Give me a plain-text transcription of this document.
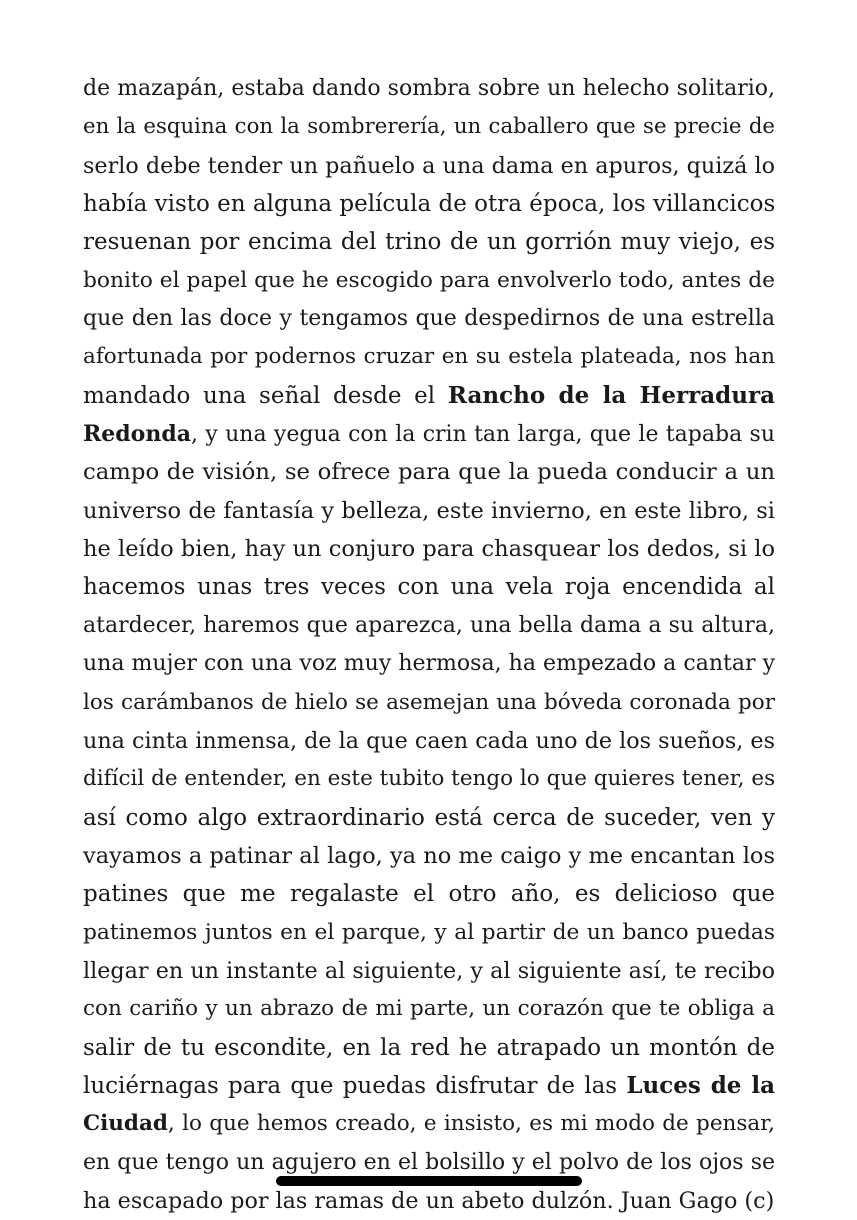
de mazapán, estaba dando sombra sobre un helecho solitario,
en la esquina con la sombrerería, un caballero que se precie de
serlo debe tender un pañuelo a una dama en apuros, quizá lo
había visto en alguna película de otra época, los villancicos
resuenan por encima del trino de un gorrión muy viejo, es
bonito el papel que he escogido para envolverlo todo, antes de
que den las doce y tengamos que despedirnos de una estrella
afortunada por podernos cruzar en su estela plateada, nos han
mandado una señal desde el Rancho de la Herradura
Redonda, y una yegua con la crin tan larga, que le tapaba su
campo de visión, se ofrece para que la pueda conducir a un
universo de fantasía y belleza, este invierno, en este libro, si
he leído bien, hay un conjuro para chasquear los dedos, si lo
hacemos unas tres veces con una vela roja encendida al
atardecer, haremos que aparezca, una bella dama a su altura,
una mujer con una voz muy hermosa, ha empezado a cantar y
los carámbanos de hielo se asemejan una bóveda coronada por
una cinta inmensa, de la que caen cada uno de los sueños, es
difícil de entender, en este tubito tengo lo que quieres tener, es
así como algo extraordinario está cerca de suceder, ven y
vayamos a patinar al lago, ya no me caigo y me encantan los
patines que me regalaste el otro año, es delicioso que
patinemos juntos en el parque, y al partir de un banco puedas
llegar en un instante al siguiente, y al siguiente así, te recibo
con cariño y un abrazo de mi parte, un corazón que te obliga a
salir de tu escondite, en la red he atrapado un montón de
luciérnagas para que puedas disfrutar de las Luces de la
Ciudad, lo que hemos creado, e insisto, es mi modo de pensar,
en que tengo un agujero en el bolsillo y el polvo de los ojos se
ha escapado por las ramas de un abeto dulzón. Juan Gago (c)
